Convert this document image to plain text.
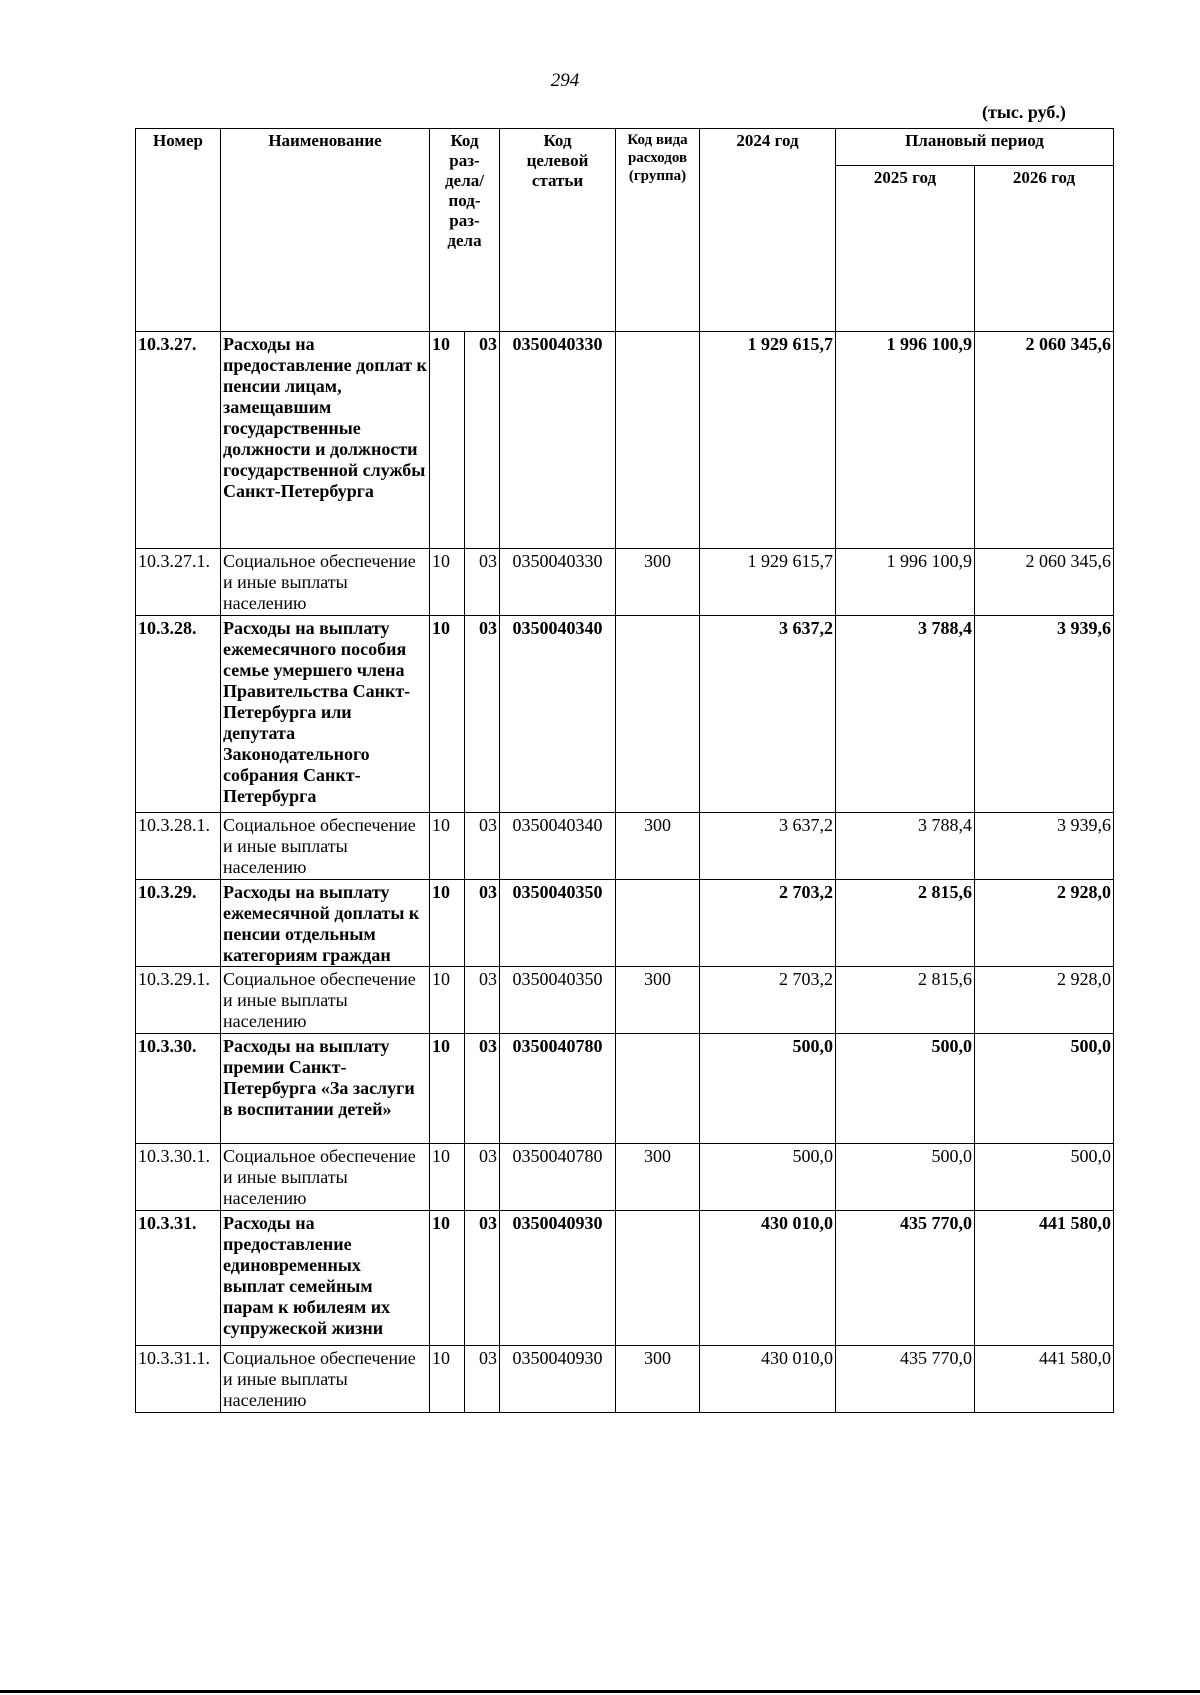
294
(тыс. руб.)
Номер	Наименование	Код раз- дела/ под- раз- дела		Код целевой статьи	Код вида расходов (группа)	2024 год	Плановый период	
							2025 год	2026 год
10.3.27.	Расходы на предоставление доплат к пенсии лицам, замещавшим государственные должности и должности государственной службы Санкт-Петербурга	10	03	0350040330		1 929 615,7	1 996 100,9	2 060 345,6
10.3.27.1.	Социальное обеспечение и иные выплаты населению	10	03	0350040330	300	1 929 615,7	1 996 100,9	2 060 345,6
10.3.28.	Расходы на выплату ежемесячного пособия семье умершего члена Правительства Санкт-Петербурга или депутата Законодательного собрания Санкт-Петербурга	10	03	0350040340		3 637,2	3 788,4	3 939,6
10.3.28.1.	Социальное обеспечение и иные выплаты населению	10	03	0350040340	300	3 637,2	3 788,4	3 939,6
10.3.29.	Расходы на выплату ежемесячной доплаты к пенсии отдельным категориям граждан	10	03	0350040350		2 703,2	2 815,6	2 928,0
10.3.29.1.	Социальное обеспечение и иные выплаты населению	10	03	0350040350	300	2 703,2	2 815,6	2 928,0
10.3.30.	Расходы на выплату премии Санкт-Петербурга «За заслуги в воспитании детей»	10	03	0350040780		500,0	500,0	500,0
10.3.30.1.	Социальное обеспечение и иные выплаты населению	10	03	0350040780	300	500,0	500,0	500,0
10.3.31.	Расходы на предоставление единовременных выплат семейным парам к юбилеям их супружеской жизни	10	03	0350040930		430 010,0	435 770,0	441 580,0
10.3.31.1.	Социальное обеспечение и иные выплаты населению	10	03	0350040930	300	430 010,0	435 770,0	441 580,0
